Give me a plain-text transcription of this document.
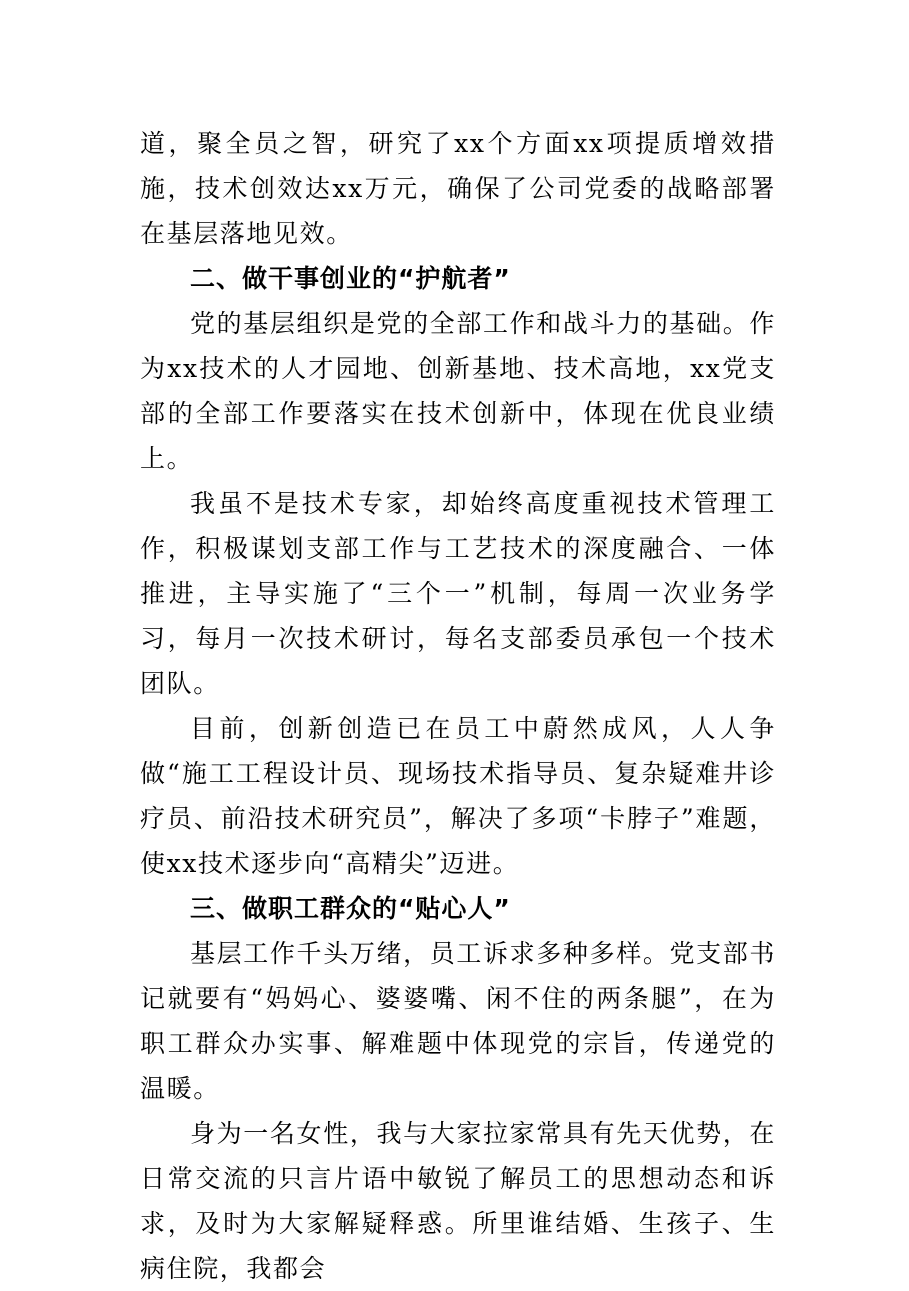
道，聚全员之智，研究了xx个方面xx项提质增效措施，技术创效达xx万元，确保了公司党委的战略部署在基层落地见效。

二、做干事创业的“护航者”

党的基层组织是党的全部工作和战斗力的基础。作为xx技术的人才园地、创新基地、技术高地，xx党支部的全部工作要落实在技术创新中，体现在优良业绩上。

我虽不是技术专家，却始终高度重视技术管理工作，积极谋划支部工作与工艺技术的深度融合、一体推进，主导实施了“三个一”机制，每周一次业务学习，每月一次技术研讨，每名支部委员承包一个技术团队。

目前，创新创造已在员工中蔚然成风，人人争做“施工工程设计员、现场技术指导员、复杂疑难井诊疗员、前沿技术研究员”，解决了多项“卡脖子”难题，使xx技术逐步向“高精尖”迈进。

三、做职工群众的“贴心人”

基层工作千头万绪，员工诉求多种多样。党支部书记就要有“妈妈心、婆婆嘴、闲不住的两条腿”，在为职工群众办实事、解难题中体现党的宗旨，传递党的温暖。

身为一名女性，我与大家拉家常具有先天优势，在日常交流的只言片语中敏锐了解员工的思想动态和诉求，及时为大家解疑释惑。所里谁结婚、生孩子、生病住院，我都会
